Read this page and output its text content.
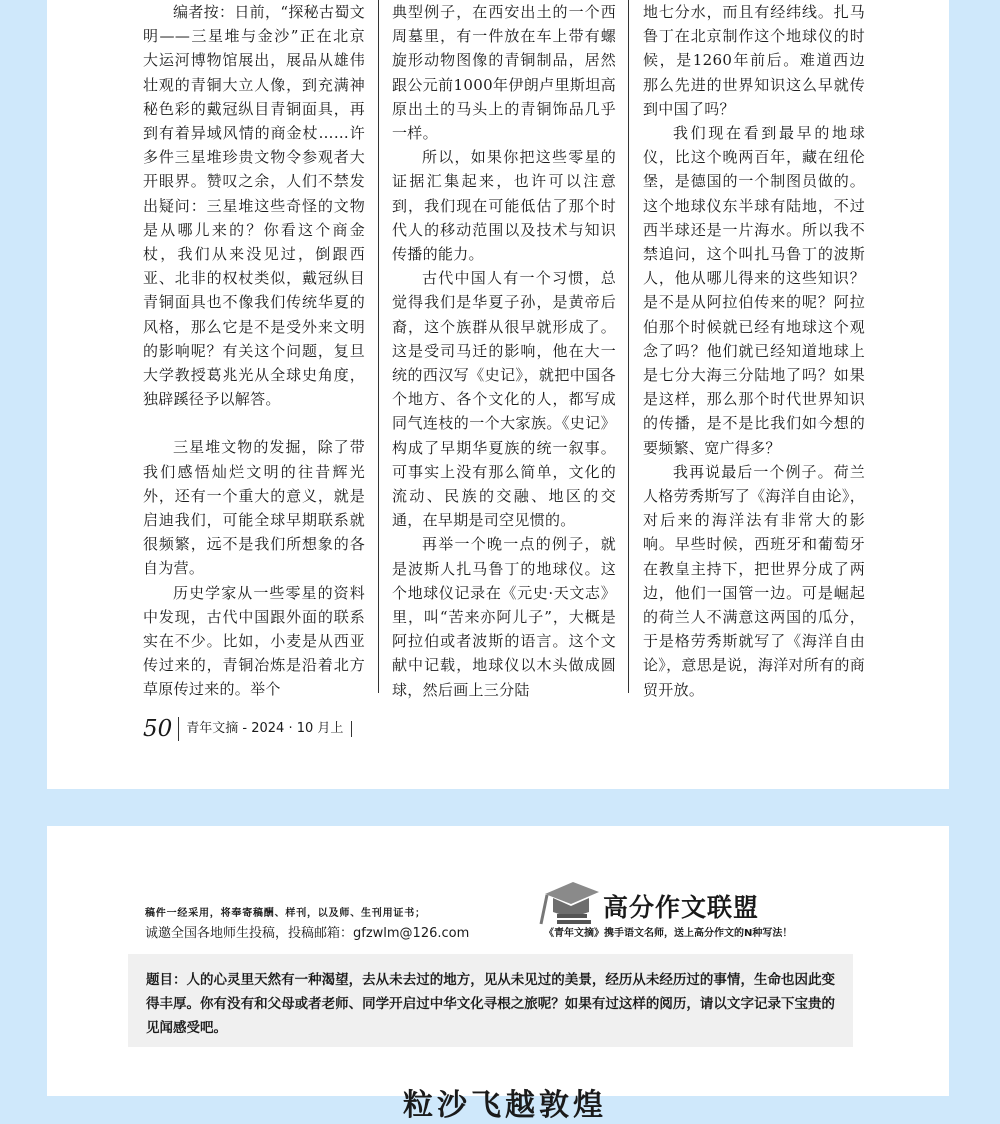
编者按：日前，“探秘古蜀文明——三星堆与金沙”正在北京大运河博物馆展出，展品从雄伟壮观的青铜大立人像，到充满神秘色彩的戴冠纵目青铜面具，再到有着异域风情的商金杖……许多件三星堆珍贵文物令参观者大开眼界。赞叹之余，人们不禁发出疑问：三星堆这些奇怪的文物是从哪儿来的？你看这个商金杖，我们从来没见过，倒跟西亚、北非的权杖类似，戴冠纵目青铜面具也不像我们传统华夏的风格，那么它是不是受外来文明的影响呢？有关这个问题，复旦大学教授葛兆光从全球史角度，独辟蹊径予以解答。

三星堆文物的发掘，除了带我们感悟灿烂文明的往昔辉光外，还有一个重大的意义，就是启迪我们，可能全球早期联系就很频繁，远不是我们所想象的各自为营。

历史学家从一些零星的资料中发现，古代中国跟外面的联系实在不少。比如，小麦是从西亚传过来的，青铜冶炼是沿着北方草原传过来的。举个

典型例子，在西安出土的一个西周墓里，有一件放在车上带有螺旋形动物图像的青铜制品，居然跟公元前1000年伊朗卢里斯坦高原出土的马头上的青铜饰品几乎一样。

所以，如果你把这些零星的证据汇集起来，也许可以注意到，我们现在可能低估了那个时代人的移动范围以及技术与知识传播的能力。

古代中国人有一个习惯，总觉得我们是华夏子孙，是黄帝后裔，这个族群从很早就形成了。这是受司马迁的影响，他在大一统的西汉写《史记》，就把中国各个地方、各个文化的人，都写成同气连枝的一个大家族。《史记》构成了早期华夏族的统一叙事。可事实上没有那么简单，文化的流动、民族的交融、地区的交通，在早期是司空见惯的。

再举一个晚一点的例子，就是波斯人扎马鲁丁的地球仪。这个地球仪记录在《元史·天文志》里，叫“苦来亦阿儿子”，大概是阿拉伯或者波斯的语言。这个文献中记载，地球仪以木头做成圆球，然后画上三分陆

地七分水，而且有经纬线。扎马鲁丁在北京制作这个地球仪的时候，是1260年前后。难道西边那么先进的世界知识这么早就传到中国了吗？

我们现在看到最早的地球仪，比这个晚两百年，藏在纽伦堡，是德国的一个制图员做的。这个地球仪东半球有陆地，不过西半球还是一片海水。所以我不禁追问，这个叫扎马鲁丁的波斯人，他从哪儿得来的这些知识？是不是从阿拉伯传来的呢？阿拉伯那个时候就已经有地球这个观念了吗？他们就已经知道地球上是七分大海三分陆地了吗？如果是这样，那么那个时代世界知识的传播，是不是比我们如今想的要频繁、宽广得多？

我再说最后一个例子。荷兰人格劳秀斯写了《海洋自由论》，对后来的海洋法有非常大的影响。早些时候，西班牙和葡萄牙在教皇主持下，把世界分成了两边，他们一国管一边。可是崛起的荷兰人不满意这两国的瓜分，于是格劳秀斯就写了《海洋自由论》，意思是说，海洋对所有的商贸开放。

50	青年文摘 - 2024 · 10 月上
稿件一经采用，将奉寄稿酬、样刊，以及师、生刊用证书；
诚邀全国各地师生投稿，投稿邮箱：gfzwlm@126.com
高分作文联盟
《青年文摘》携手语文名师，送上高分作文的N种写法！
题目：人的心灵里天然有一种渴望，去从未去过的地方，见从未见过的美景，经历从未经历过的事情，生命也因此变得丰厚。你有没有和父母或者老师、同学开启过中华文化寻根之旅呢？如果有过这样的阅历，请以文字记录下宝贵的见闻感受吧。
粒沙飞越敦煌
